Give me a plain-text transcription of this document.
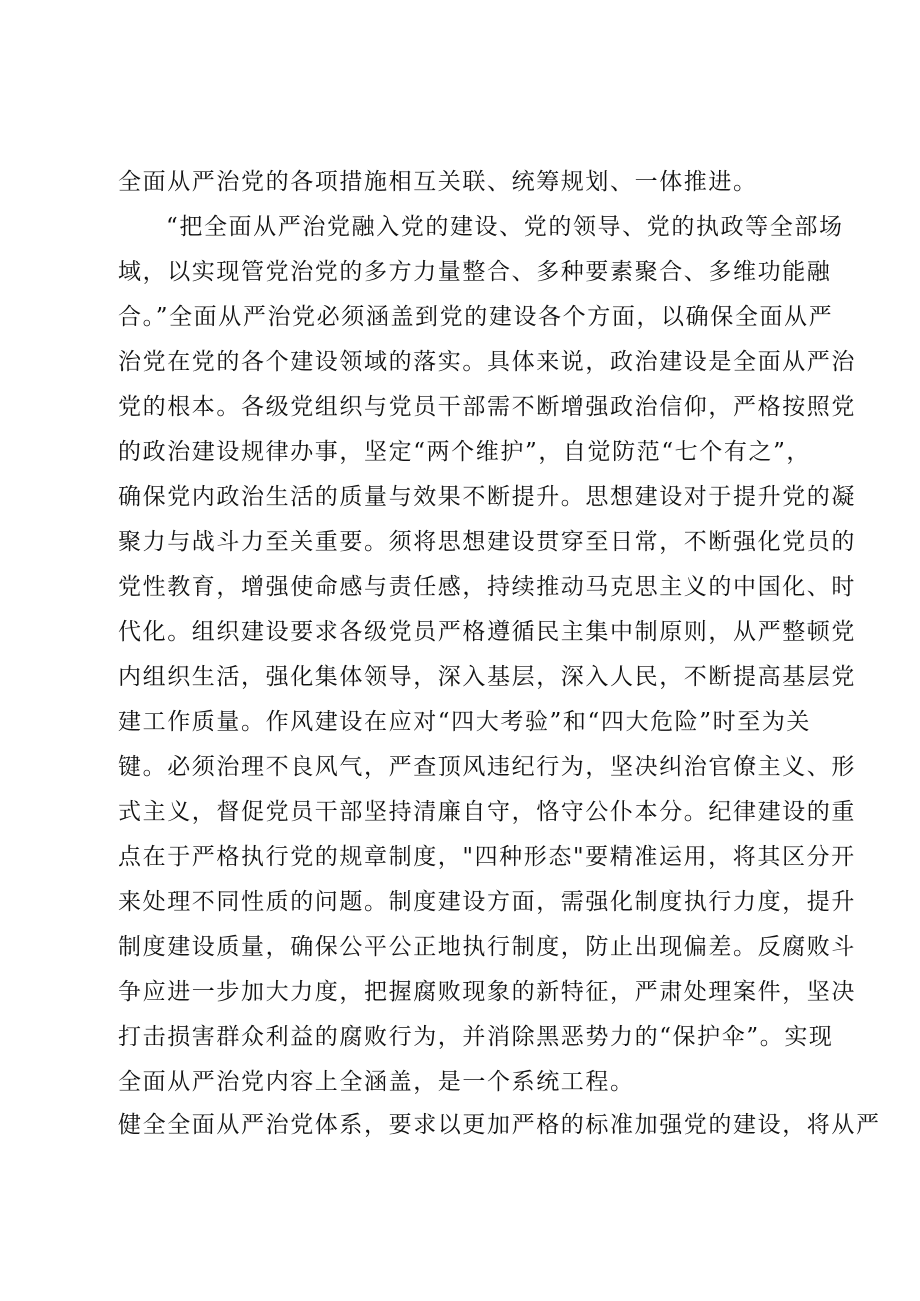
全面从严治党的各项措施相互关联、统筹规划、一体推进。
“把全面从严治党融入党的建设、党的领导、党的执政等全部场
域，以实现管党治党的多方力量整合、多种要素聚合、多维功能融
合。”全面从严治党必须涵盖到党的建设各个方面，以确保全面从严
治党在党的各个建设领域的落实。具体来说，政治建设是全面从严治
党的根本。各级党组织与党员干部需不断增强政治信仰，严格按照党
的政治建设规律办事，坚定“两个维护”，自觉防范“七个有之”，
确保党内政治生活的质量与效果不断提升。思想建设对于提升党的凝
聚力与战斗力至关重要。须将思想建设贯穿至日常，不断强化党员的
党性教育，增强使命感与责任感，持续推动马克思主义的中国化、时
代化。组织建设要求各级党员严格遵循民主集中制原则，从严整顿党
内组织生活，强化集体领导，深入基层，深入人民，不断提高基层党
建工作质量。作风建设在应对“四大考验”和“四大危险”时至为关
键。必须治理不良风气，严查顶风违纪行为，坚决纠治官僚主义、形
式主义，督促党员干部坚持清廉自守，恪守公仆本分。纪律建设的重
点在于严格执行党的规章制度，"四种形态"要精准运用，将其区分开
来处理不同性质的问题。制度建设方面，需强化制度执行力度，提升
制度建设质量，确保公平公正地执行制度，防止出现偏差。反腐败斗
争应进一步加大力度，把握腐败现象的新特征，严肃处理案件，坚决
打击损害群众利益的腐败行为，并消除黑恶势力的“保护伞”。实现
全面从严治党内容上全涵盖，是一个系统工程。
健全全面从严治党体系，要求以更加严格的标准加强党的建设，将从严
